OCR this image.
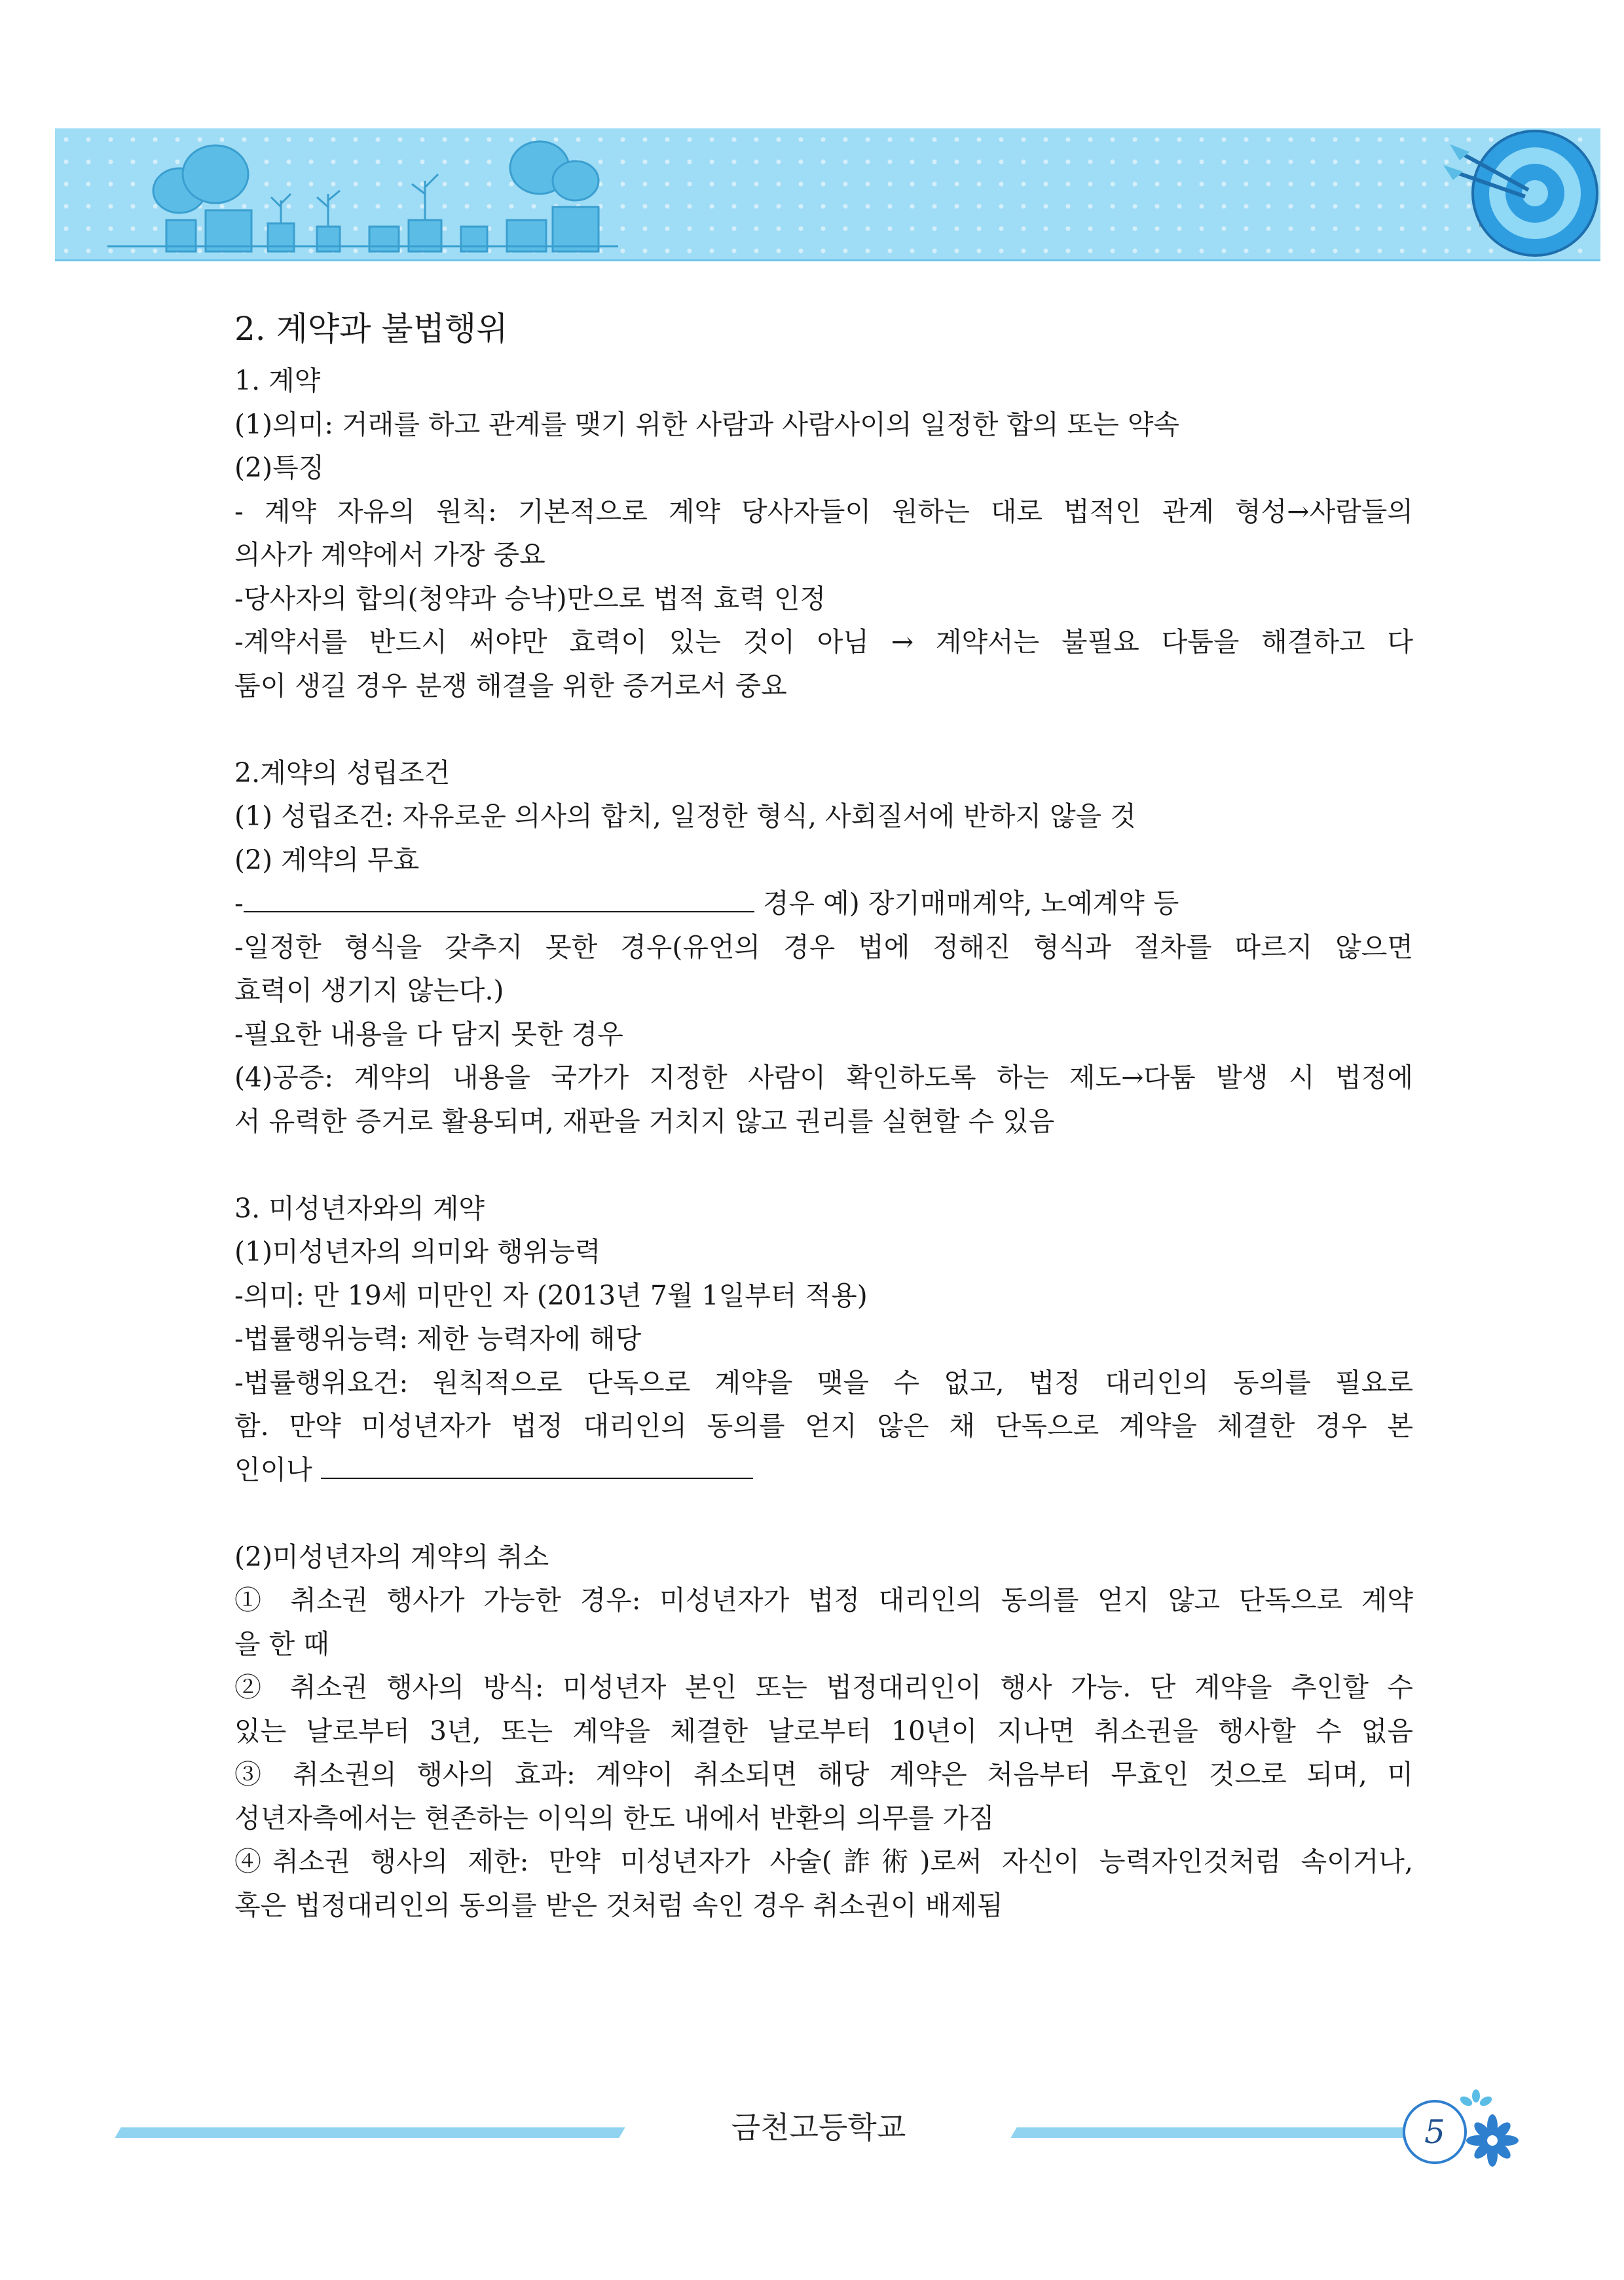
2. 계약과 불법행위
1. 계약
(1)의미: 거래를 하고 관계를 맺기 위한 사람과 사람사이의 일정한 합의 또는 약속
(2)특징
- 계약 자유의 원칙: 기본적으로 계약 당사자들이 원하는 대로 법적인 관계 형성→사람들의
의사가 계약에서 가장 중요
-당사자의 합의(청약과 승낙)만으로 법적 효력 인정
-계약서를 반드시 써야만 효력이 있는 것이 아님 → 계약서는 불필요 다툼을 해결하고 다
툼이 생길 경우 분쟁 해결을 위한 증거로서 중요
2.계약의 성립조건
(1) 성립조건: 자유로운 의사의 합치, 일정한 형식, 사회질서에 반하지 않을 것
(2) 계약의 무효
-	경우 예) 장기매매계약, 노예계약 등
-일정한 형식을 갖추지 못한 경우(유언의 경우 법에 정해진 형식과 절차를 따르지 않으면
효력이 생기지 않는다.)
-필요한 내용을 다 담지 못한 경우
(4)공증: 계약의 내용을 국가가 지정한 사람이 확인하도록 하는 제도→다툼 발생 시 법정에
서 유력한 증거로 활용되며, 재판을 거치지 않고 권리를 실현할 수 있음
3. 미성년자와의 계약
(1)미성년자의 의미와 행위능력
-의미: 만 19세 미만인 자 (2013년 7월 1일부터 적용)
-법률행위능력: 제한 능력자에 해당
-법률행위요건: 원칙적으로 단독으로 계약을 맺을 수 없고, 법정 대리인의 동의를 필요로
함. 만약 미성년자가 법정 대리인의 동의를 얻지 않은 채 단독으로 계약을 체결한 경우 본
인이나
(2)미성년자의 계약의 취소
① 취소권 행사가 가능한 경우: 미성년자가 법정 대리인의 동의를 얻지 않고 단독으로 계약
을 한 때
② 취소권 행사의 방식: 미성년자 본인 또는 법정대리인이 행사 가능. 단 계약을 추인할 수
있는 날로부터 3년, 또는 계약을 체결한 날로부터 10년이 지나면 취소권을 행사할 수 없음
③ 취소권의 행사의 효과: 계약이 취소되면 해당 계약은 처음부터 무효인 것으로 되며, 미
성년자측에서는 현존하는 이익의 한도 내에서 반환의 의무를 가짐
④취소권 행사의 제한: 만약 미성년자가 사술(詐術)로써 자신이 능력자인것처럼 속이거나,
혹은 법정대리인의 동의를 받은 것처럼 속인 경우 취소권이 배제됨
금천고등학교	5
